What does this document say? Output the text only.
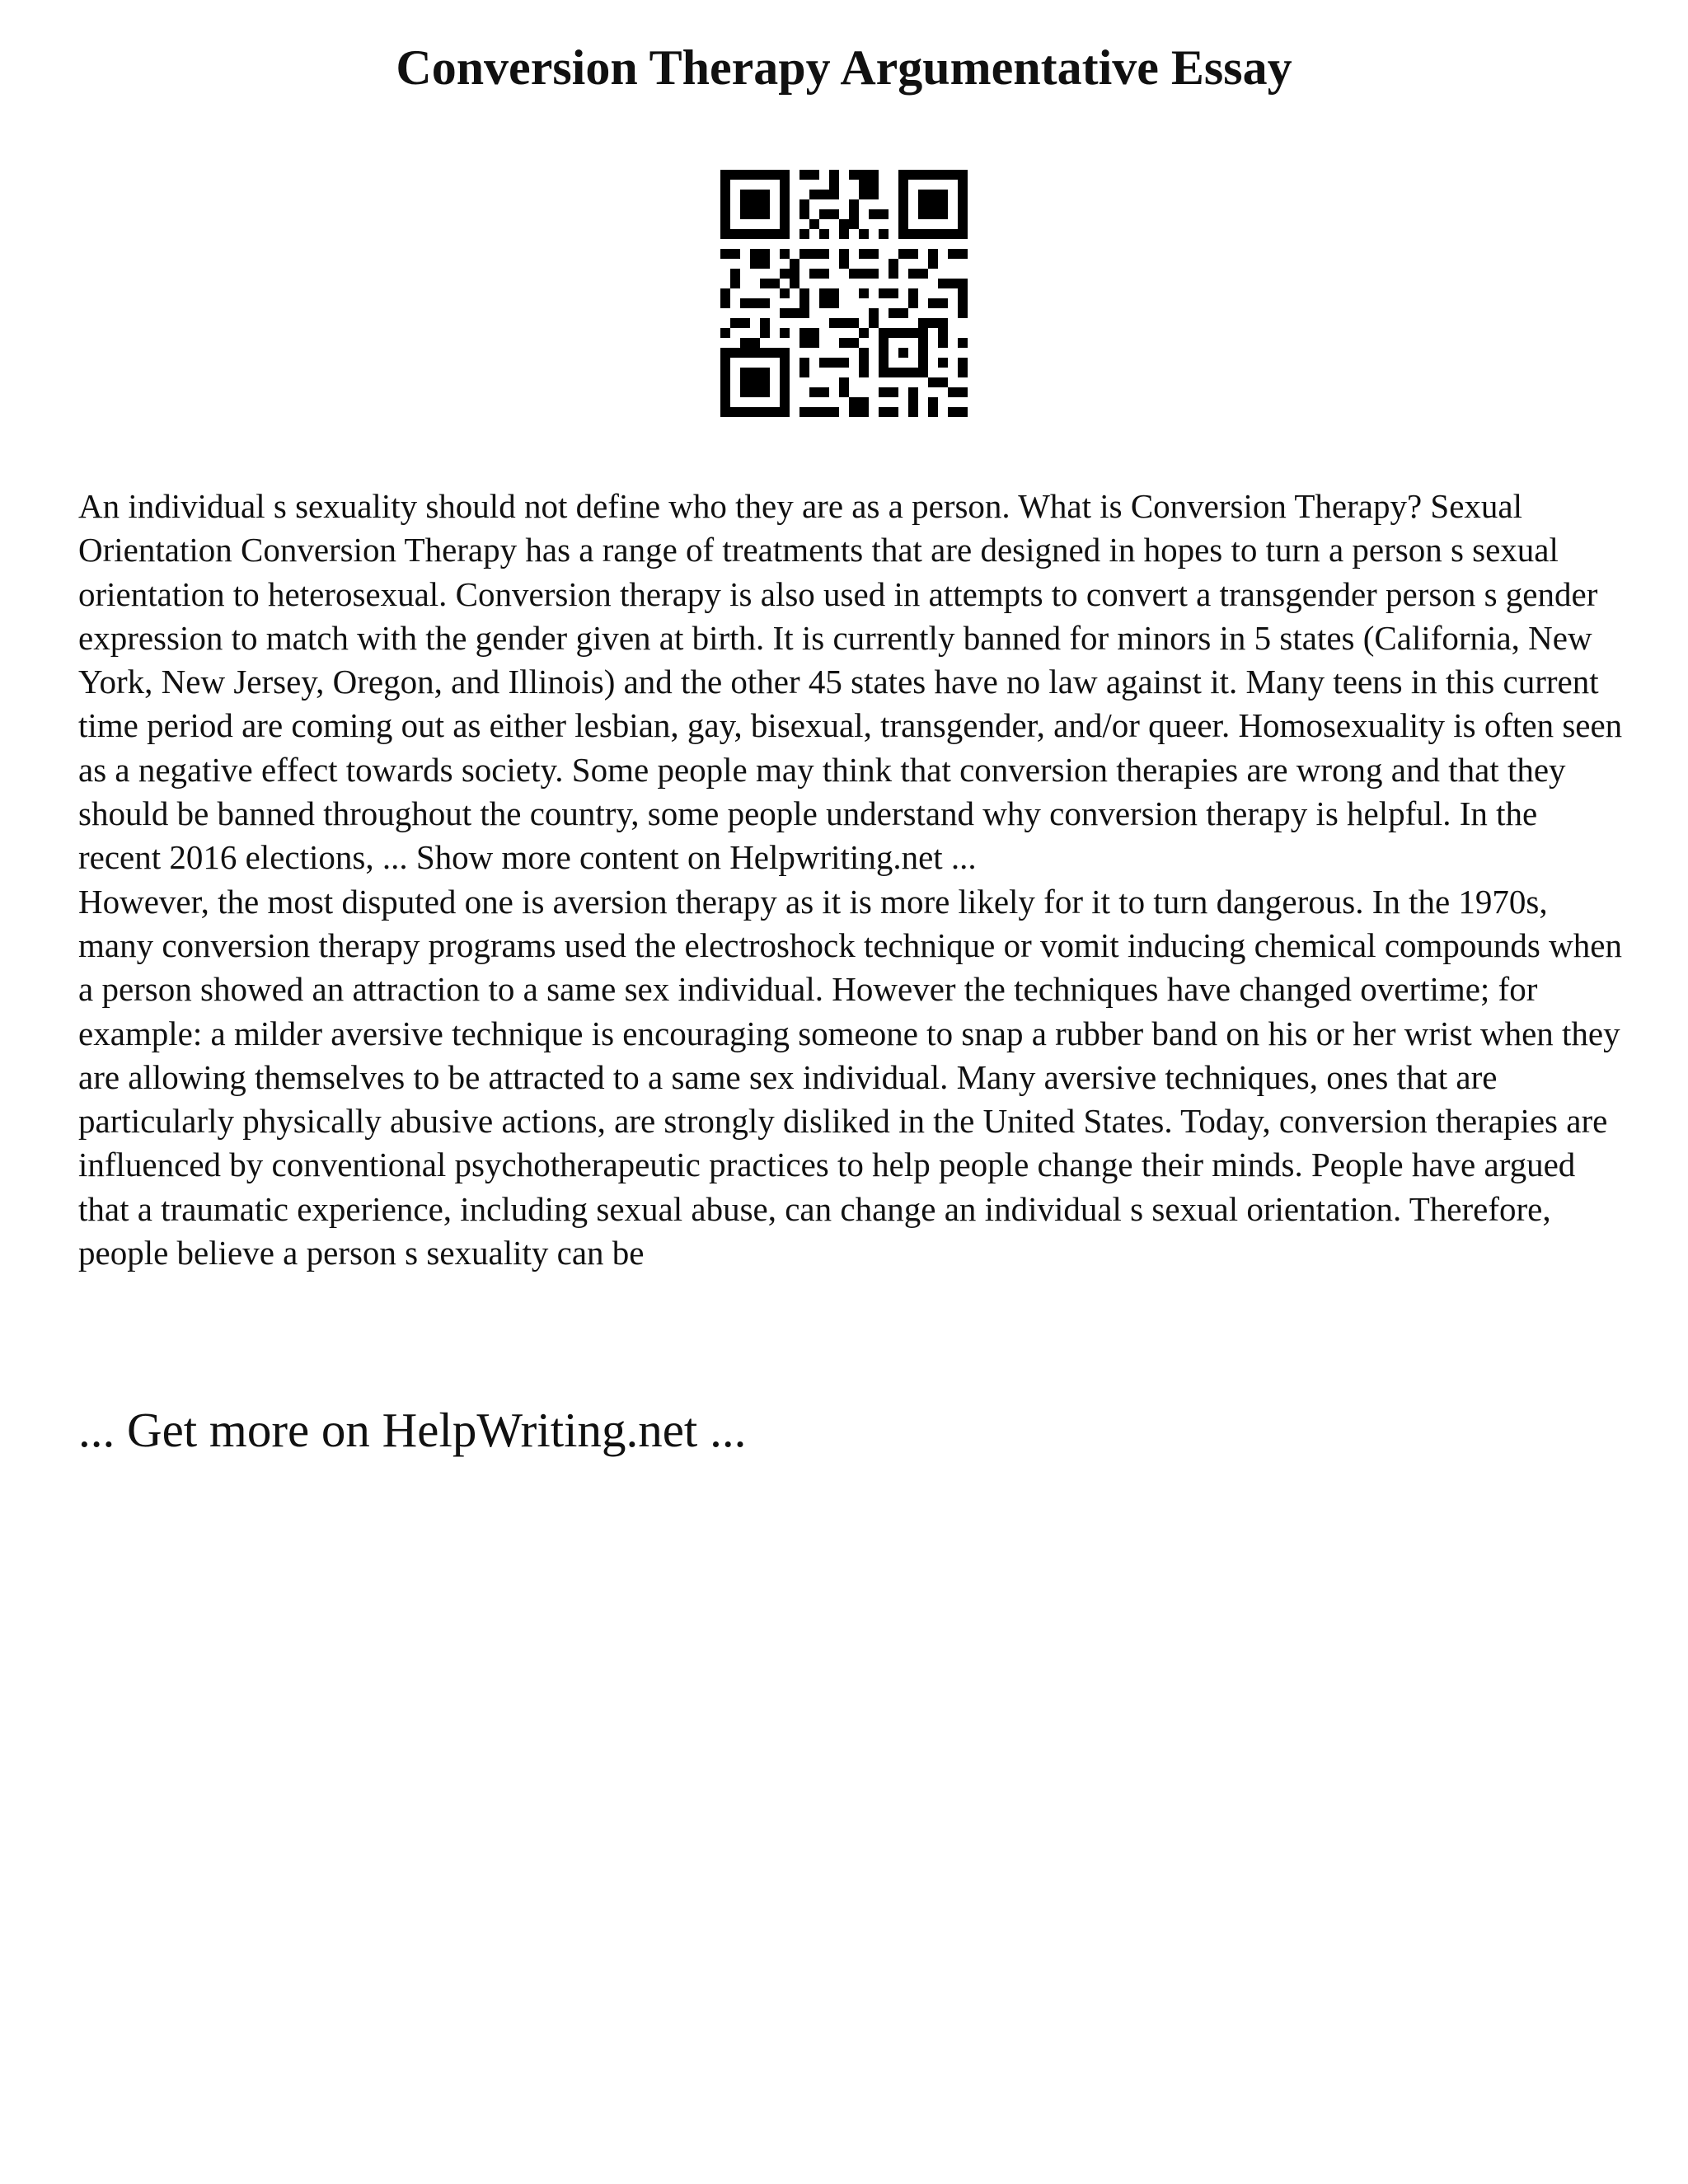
Conversion Therapy Argumentative Essay

An individual s sexuality should not define who they are as a person. What is Conversion Therapy? Sexual Orientation Conversion Therapy has a range of treatments that are designed in hopes to turn a person s sexual orientation to heterosexual. Conversion therapy is also used in attempts to convert a transgender person s gender expression to match with the gender given at birth. It is currently banned for minors in 5 states (California, New York, New Jersey, Oregon, and Illinois) and the other 45 states have no law against it. Many teens in this current time period are coming out as either lesbian, gay, bisexual, transgender, and/or queer. Homosexuality is often seen as a negative effect towards society. Some people may think that conversion therapies are wrong and that they should be banned throughout the country, some people understand why conversion therapy is helpful. In the recent 2016 elections, ... Show more content on Helpwriting.net ...

However, the most disputed one is aversion therapy as it is more likely for it to turn dangerous. In the 1970s, many conversion therapy programs used the electroshock technique or vomit inducing chemical compounds when a person showed an attraction to a same sex individual. However the techniques have changed overtime; for example: a milder aversive technique is encouraging someone to snap a rubber band on his or her wrist when they are allowing themselves to be attracted to a same sex individual. Many aversive techniques, ones that are particularly physically abusive actions, are strongly disliked in the United States. Today, conversion therapies are influenced by conventional psychotherapeutic practices to help people change their minds. People have argued that a traumatic experience, including sexual abuse, can change an individual s sexual orientation. Therefore, people believe a person s sexuality can be

... Get more on HelpWriting.net ...
